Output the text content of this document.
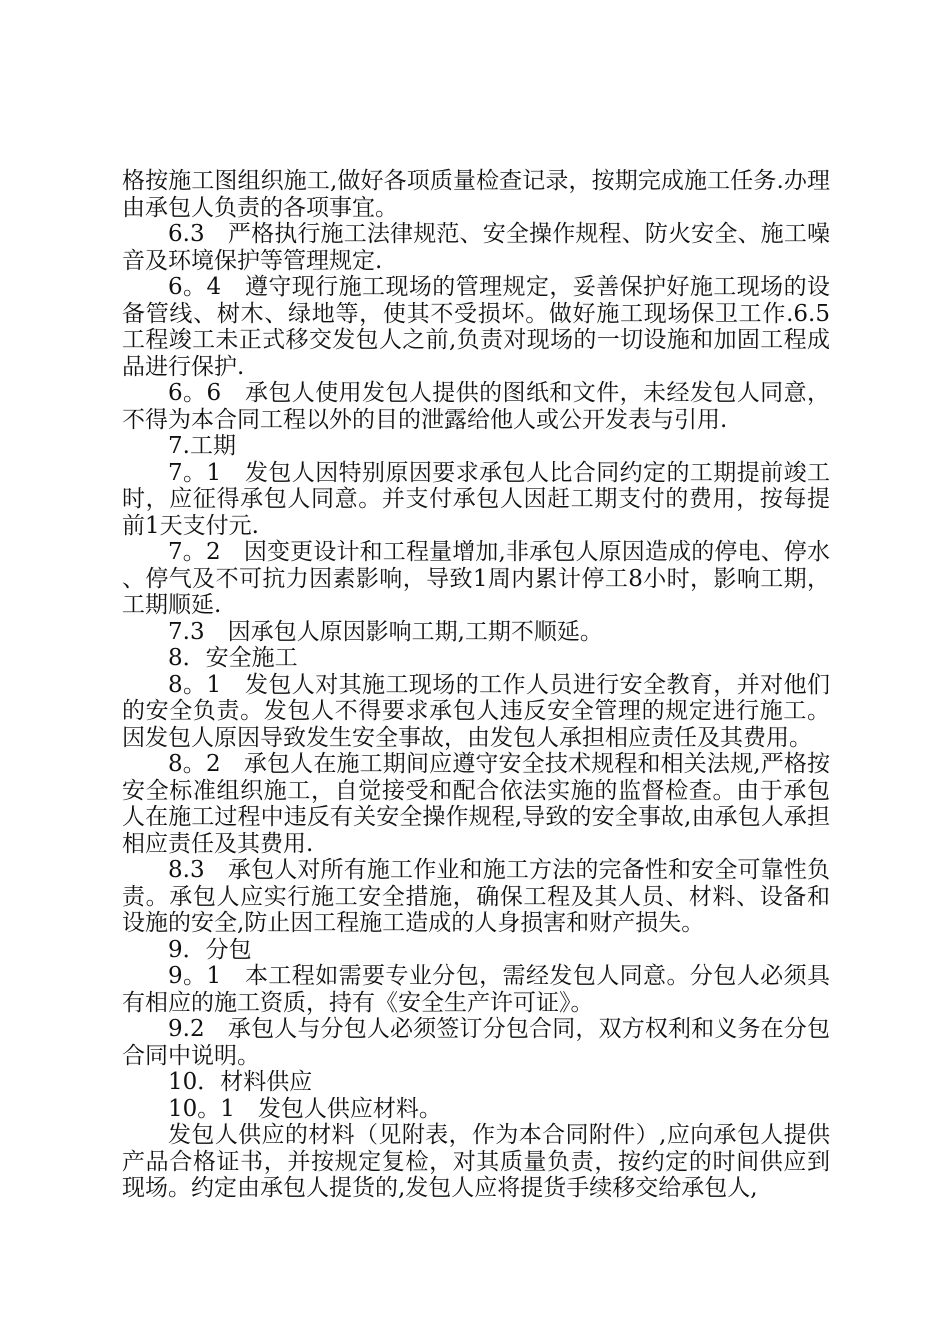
格按施工图组织施工,做好各项质量检查记录，按期完成施工任务.办理由承包人负责的各项事宜。

6.3　严格执行施工法律规范、安全操作规程、防火安全、施工噪音及环境保护等管理规定.

6。4　遵守现行施工现场的管理规定，妥善保护好施工现场的设备管线、树木、绿地等，使其不受损坏。做好施工现场保卫工作.6.5　工程竣工未正式移交发包人之前,负责对现场的一切设施和加固工程成品进行保护.

6。6　承包人使用发包人提供的图纸和文件，未经发包人同意，不得为本合同工程以外的目的泄露给他人或公开发表与引用.

7.工期

7。1　发包人因特别原因要求承包人比合同约定的工期提前竣工时，应征得承包人同意。并支付承包人因赶工期支付的费用，按每提前1天支付元.

7。2　因变更设计和工程量增加,非承包人原因造成的停电、停水、停气及不可抗力因素影响，导致1周内累计停工8小时，影响工期，工期顺延.

7.3　因承包人原因影响工期,工期不顺延。

8．安全施工

8。1　发包人对其施工现场的工作人员进行安全教育，并对他们的安全负责。发包人不得要求承包人违反安全管理的规定进行施工。因发包人原因导致发生安全事故，由发包人承担相应责任及其费用。

8。2　承包人在施工期间应遵守安全技术规程和相关法规,严格按安全标准组织施工，自觉接受和配合依法实施的监督检查。由于承包人在施工过程中违反有关安全操作规程,导致的安全事故,由承包人承担相应责任及其费用.

8.3　承包人对所有施工作业和施工方法的完备性和安全可靠性负责。承包人应实行施工安全措施，确保工程及其人员、材料、设备和设施的安全,防止因工程施工造成的人身损害和财产损失。

9．分包

9。1　本工程如需要专业分包，需经发包人同意。分包人必须具有相应的施工资质，持有《安全生产许可证》。

9.2　承包人与分包人必须签订分包合同，双方权利和义务在分包合同中说明。

10．材料供应

10。1　发包人供应材料。

发包人供应的材料（见附表，作为本合同附件）,应向承包人提供产品合格证书，并按规定复检，对其质量负责，按约定的时间供应到现场。约定由承包人提货的,发包人应将提货手续移交给承包人,
